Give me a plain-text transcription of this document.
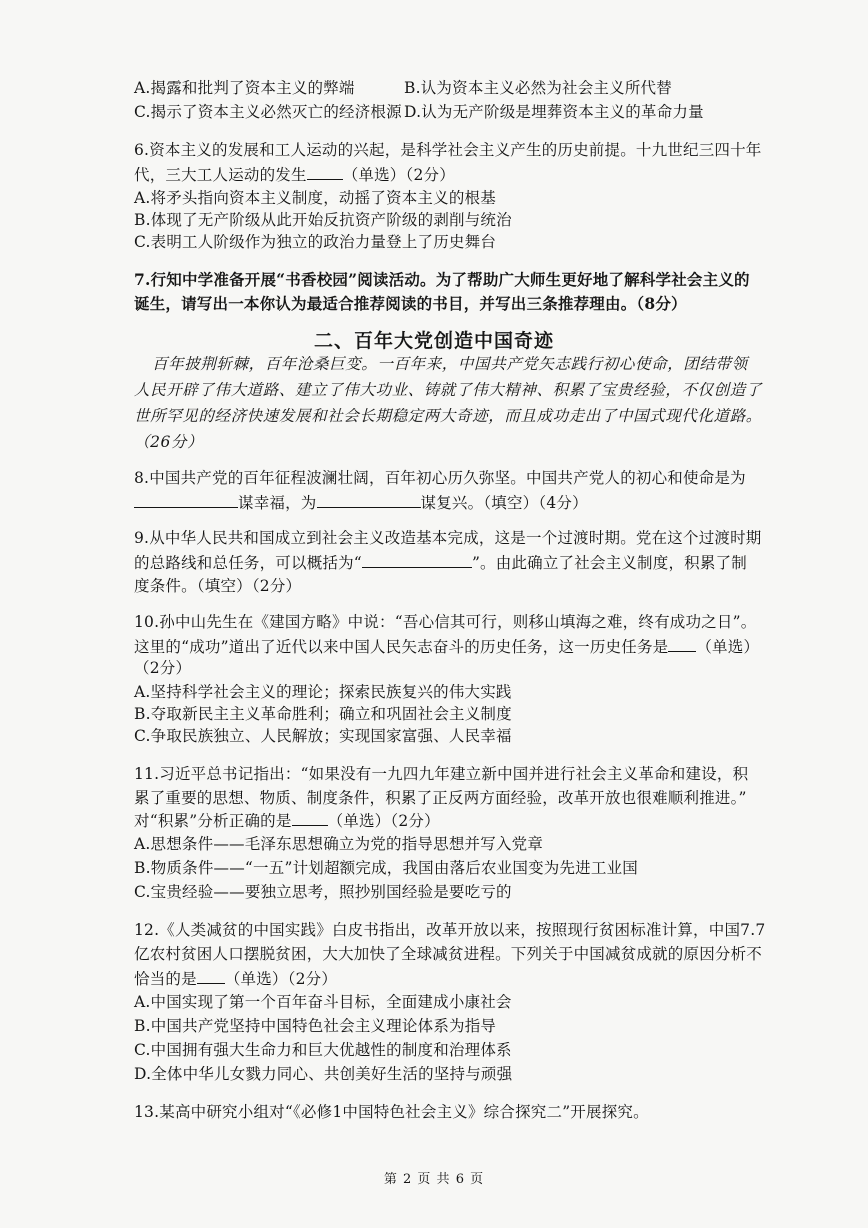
A.揭露和批判了资本主义的弊端	B.认为资本主义必然为社会主义所代替
C.揭示了资本主义必然灭亡的经济根源 D.认为无产阶级是埋葬资本主义的革命力量
6.资本主义的发展和工人运动的兴起，是科学社会主义产生的历史前提。十九世纪三四十年
代，三大工人运动的发生 （单选）（2分）
A.将矛头指向资本主义制度，动摇了资本主义的根基
B.体现了无产阶级从此开始反抗资产阶级的剥削与统治
C.表明工人阶级作为独立的政治力量登上了历史舞台
7.行知中学准备开展“书香校园”阅读活动。为了帮助广大师生更好地了解科学社会主义的
诞生，请写出一本你认为最适合推荐阅读的书目，并写出三条推荐理由。（8分）
二、百年大党创造中国奇迹
百年披荆斩棘，百年沧桑巨变。一百年来，中国共产党矢志践行初心使命，团结带领
人民开辟了伟大道路、建立了伟大功业、铸就了伟大精神、积累了宝贵经验，不仅创造了
世所罕见的经济快速发展和社会长期稳定两大奇迹，而且成功走出了中国式现代化道路。
（26分）
8.中国共产党的百年征程波澜壮阔，百年初心历久弥坚。中国共产党人的初心和使命是为
谋幸福，为	谋复兴。（填空）（4分）
9.从中华人民共和国成立到社会主义改造基本完成，这是一个过渡时期。党在这个过渡时期
的总路线和总任务，可以概括为“	”。由此确立了社会主义制度，积累了制
度条件。（填空）（2分）
10.孙中山先生在《建国方略》中说：“吾心信其可行，则移山填海之难，终有成功之日”。
这里的“成功”道出了近代以来中国人民矢志奋斗的历史任务，这一历史任务是 （单选）
（2分）
A.坚持科学社会主义的理论；探索民族复兴的伟大实践
B.夺取新民主主义革命胜利；确立和巩固社会主义制度
C.争取民族独立、人民解放；实现国家富强、人民幸福
11.习近平总书记指出：“如果没有一九四九年建立新中国并进行社会主义革命和建设，积
累了重要的思想、物质、制度条件，积累了正反两方面经验，改革开放也很难顺利推进。”
对“积累”分析正确的是 （单选）（2分）
A.思想条件——毛泽东思想确立为党的指导思想并写入党章
B.物质条件——“一五”计划超额完成，我国由落后农业国变为先进工业国
C.宝贵经验——要独立思考，照抄别国经验是要吃亏的
12.《人类减贫的中国实践》白皮书指出，改革开放以来，按照现行贫困标准计算，中国7.7
亿农村贫困人口摆脱贫困，大大加快了全球减贫进程。下列关于中国减贫成就的原因分析不
恰当的是 （单选）（2分）
A.中国实现了第一个百年奋斗目标，全面建成小康社会
B.中国共产党坚持中国特色社会主义理论体系为指导
C.中国拥有强大生命力和巨大优越性的制度和治理体系
D.全体中华儿女戮力同心、共创美好生活的坚持与顽强
13.某高中研究小组对“《必修1中国特色社会主义》综合探究二”开展探究。
第 2 页 共 6 页
